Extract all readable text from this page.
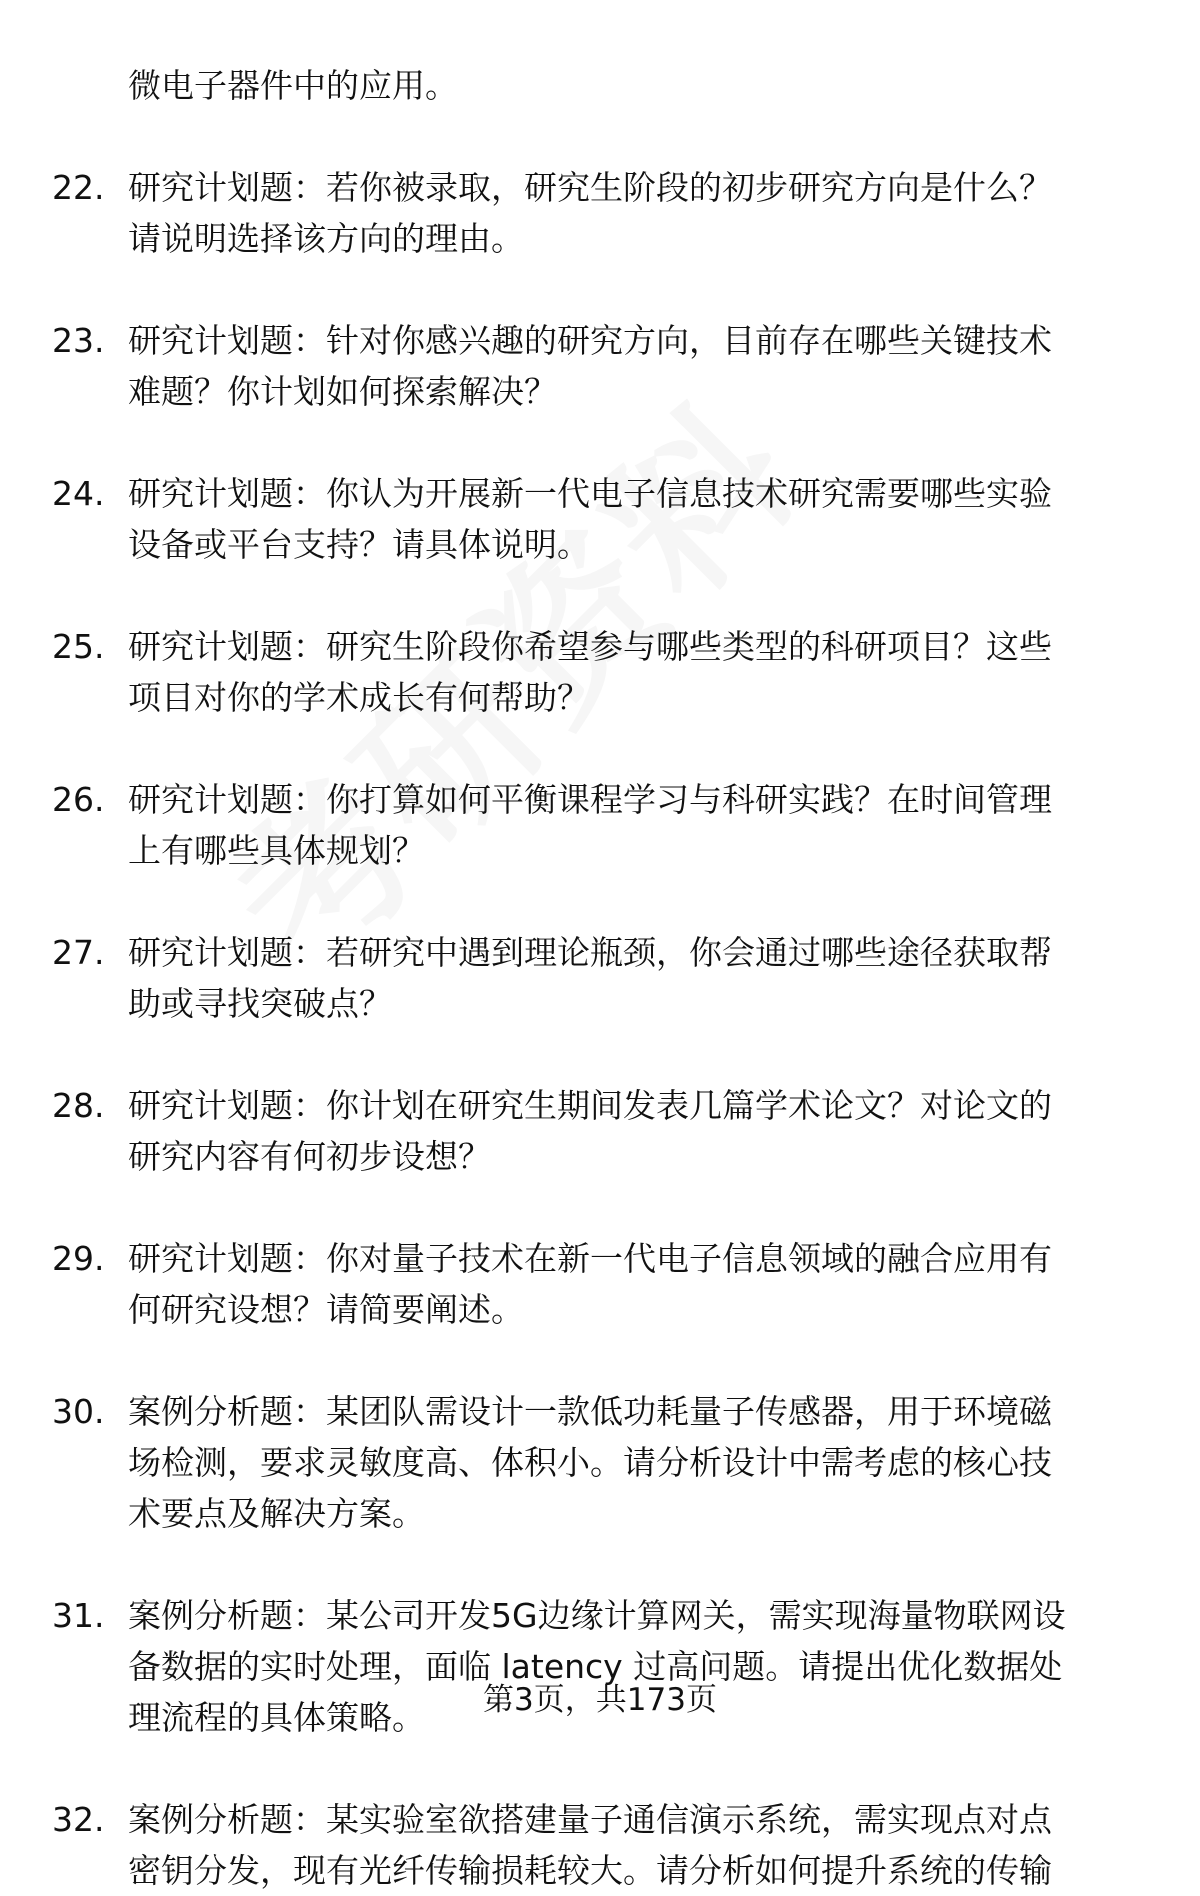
微电子器件中的应用。
22. 研究计划题：若你被录取，研究生阶段的初步研究方向是什么？
请说明选择该方向的理由。
23. 研究计划题：针对你感兴趣的研究方向，目前存在哪些关键技术
难题？你计划如何探索解决？
24. 研究计划题：你认为开展新一代电子信息技术研究需要哪些实验
设备或平台支持？请具体说明。
25. 研究计划题：研究生阶段你希望参与哪些类型的科研项目？这些
项目对你的学术成长有何帮助？
26. 研究计划题：你打算如何平衡课程学习与科研实践？在时间管理
上有哪些具体规划？
27. 研究计划题：若研究中遇到理论瓶颈，你会通过哪些途径获取帮
助或寻找突破点？
28. 研究计划题：你计划在研究生期间发表几篇学术论文？对论文的
研究内容有何初步设想？
29. 研究计划题：你对量子技术在新一代电子信息领域的融合应用有
何研究设想？请简要阐述。
30. 案例分析题：某团队需设计一款低功耗量子传感器，用于环境磁
场检测，要求灵敏度高、体积小。请分析设计中需考虑的核心技
术要点及解决方案。
31. 案例分析题：某公司开发5G边缘计算网关，需实现海量物联网设
备数据的实时处理，面临 latency 过高问题。请提出优化数据处
理流程的具体策略。
32. 案例分析题：某实验室欲搭建量子通信演示系统，需实现点对点
密钥分发，现有光纤传输损耗较大。请分析如何提升系统的传输
第3页，共173页
